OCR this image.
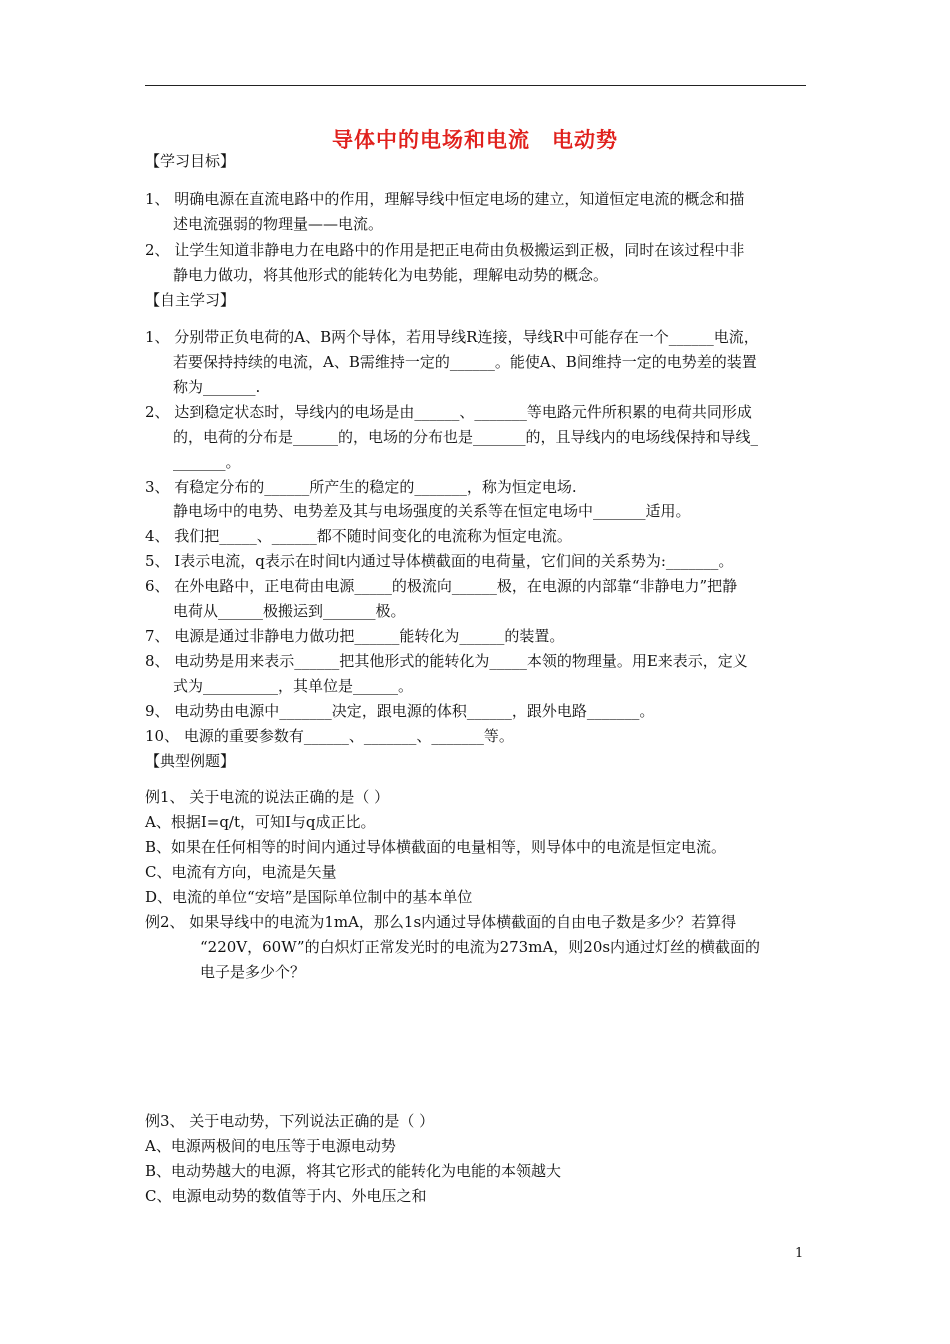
导体中的电场和电流　电动势
【学习目标】
1、 明确电源在直流电路中的作用，理解导线中恒定电场的建立，知道恒定电流的概念和描
述电流强弱的物理量——电流。
2、 让学生知道非静电力在电路中的作用是把正电荷由负极搬运到正极，同时在该过程中非
静电力做功，将其他形式的能转化为电势能，理解电动势的概念。
【自主学习】
1、 分别带正负电荷的A、B两个导体，若用导线R连接，导线R中可能存在一个______电流，
若要保持持续的电流，A、B需维持一定的______。能使A、B间维持一定的电势差的装置
称为_______.
2、 达到稳定状态时，导线内的电场是由______、_______等电路元件所积累的电荷共同形成
的，电荷的分布是______的，电场的分布也是_______的，且导线内的电场线保持和导线_
_______。
3、 有稳定分布的______所产生的稳定的_______，称为恒定电场.
静电场中的电势、电势差及其与电场强度的关系等在恒定电场中_______适用。
4、 我们把_____、______都不随时间变化的电流称为恒定电流。
5、 I表示电流，q表示在时间t内通过导体横截面的电荷量，它们间的关系势为:_______。
6、 在外电路中，正电荷由电源_____的极流向______极，在电源的内部靠“非静电力”把静
电荷从______极搬运到_______极。
7、 电源是通过非静电力做功把______能转化为______的装置。
8、 电动势是用来表示______把其他形式的能转化为_____本领的物理量。用E来表示，定义
式为__________，其单位是______。
9、 电动势由电源中_______决定，跟电源的体积______，跟外电路_______。
10、 电源的重要参数有______、_______、_______等。
【典型例题】
例1、 关于电流的说法正确的是（ ）
A、根据I=q/t，可知I与q成正比。
B、如果在任何相等的时间内通过导体横截面的电量相等，则导体中的电流是恒定电流。
C、电流有方向，电流是矢量
D、电流的单位“安培”是国际单位制中的基本单位
例2、 如果导线中的电流为1mA，那么1s内通过导体横截面的自由电子数是多少？若算得
“220V，60W”的白炽灯正常发光时的电流为273mA，则20s内通过灯丝的横截面的
电子是多少个？
例3、 关于电动势，下列说法正确的是（ ）
A、电源两极间的电压等于电源电动势
B、电动势越大的电源，将其它形式的能转化为电能的本领越大
C、电源电动势的数值等于内、外电压之和
1
